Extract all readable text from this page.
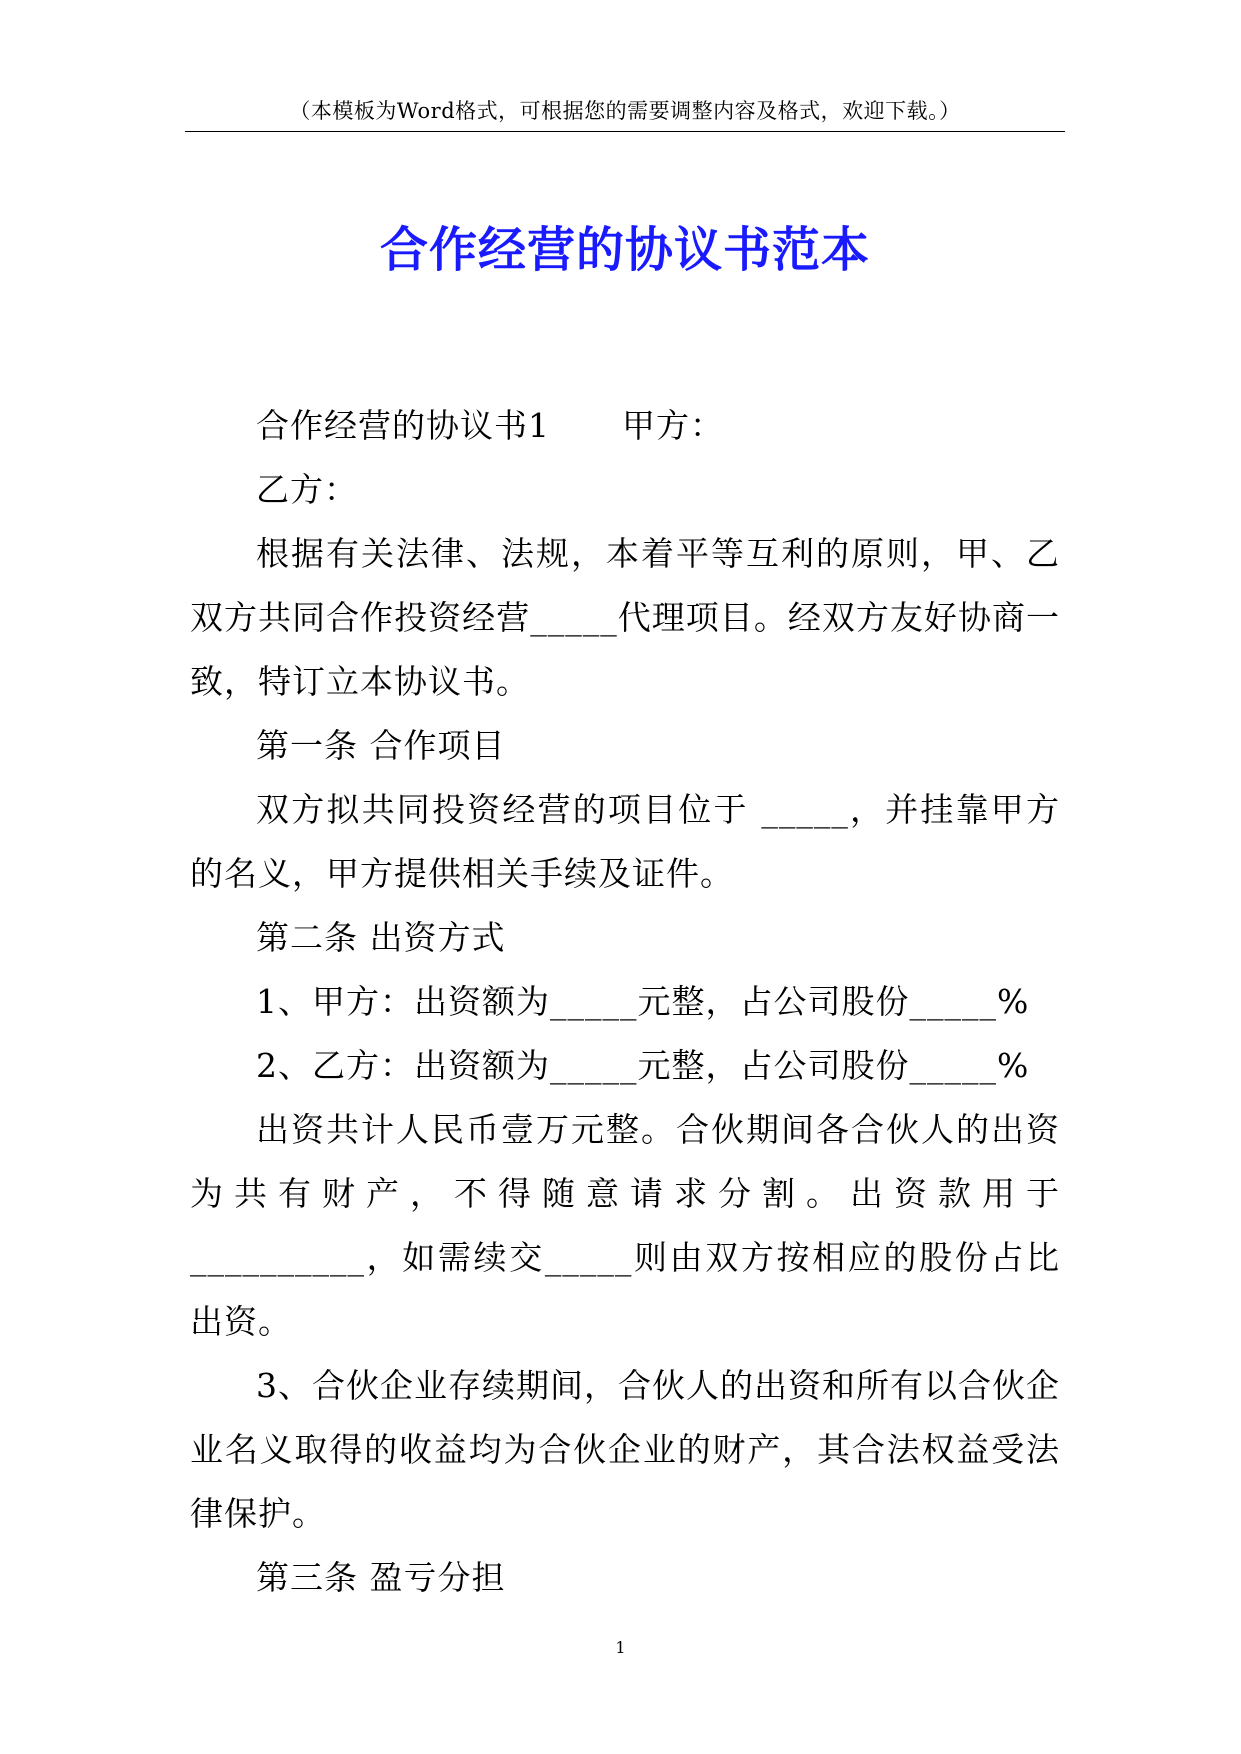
（本模板为Word格式，可根据您的需要调整内容及格式，欢迎下载。）
合作经营的协议书范本

合作经营的协议书1 甲方：

乙方：

根据有关法律、法规，本着平等互利的原则，甲、乙双方共同合作投资经营_____代理项目。经双方友好协商一致，特订立本协议书。

第一条 合作项目

双方拟共同投资经营的项目位于 _____，并挂靠甲方的名义，甲方提供相关手续及证件。

第二条 出资方式

1、甲方：出资额为_____元整，占公司股份_____%

2、乙方：出资额为_____元整，占公司股份_____%

出资共计人民币壹万元整。合伙期间各合伙人的出资为共有财产，不得随意请求分割。出资款用于__________，如需续交_____则由双方按相应的股份占比出资。

3、合伙企业存续期间，合伙人的出资和所有以合伙企业名义取得的收益均为合伙企业的财产，其合法权益受法律保护。

第三条 盈亏分担

1
